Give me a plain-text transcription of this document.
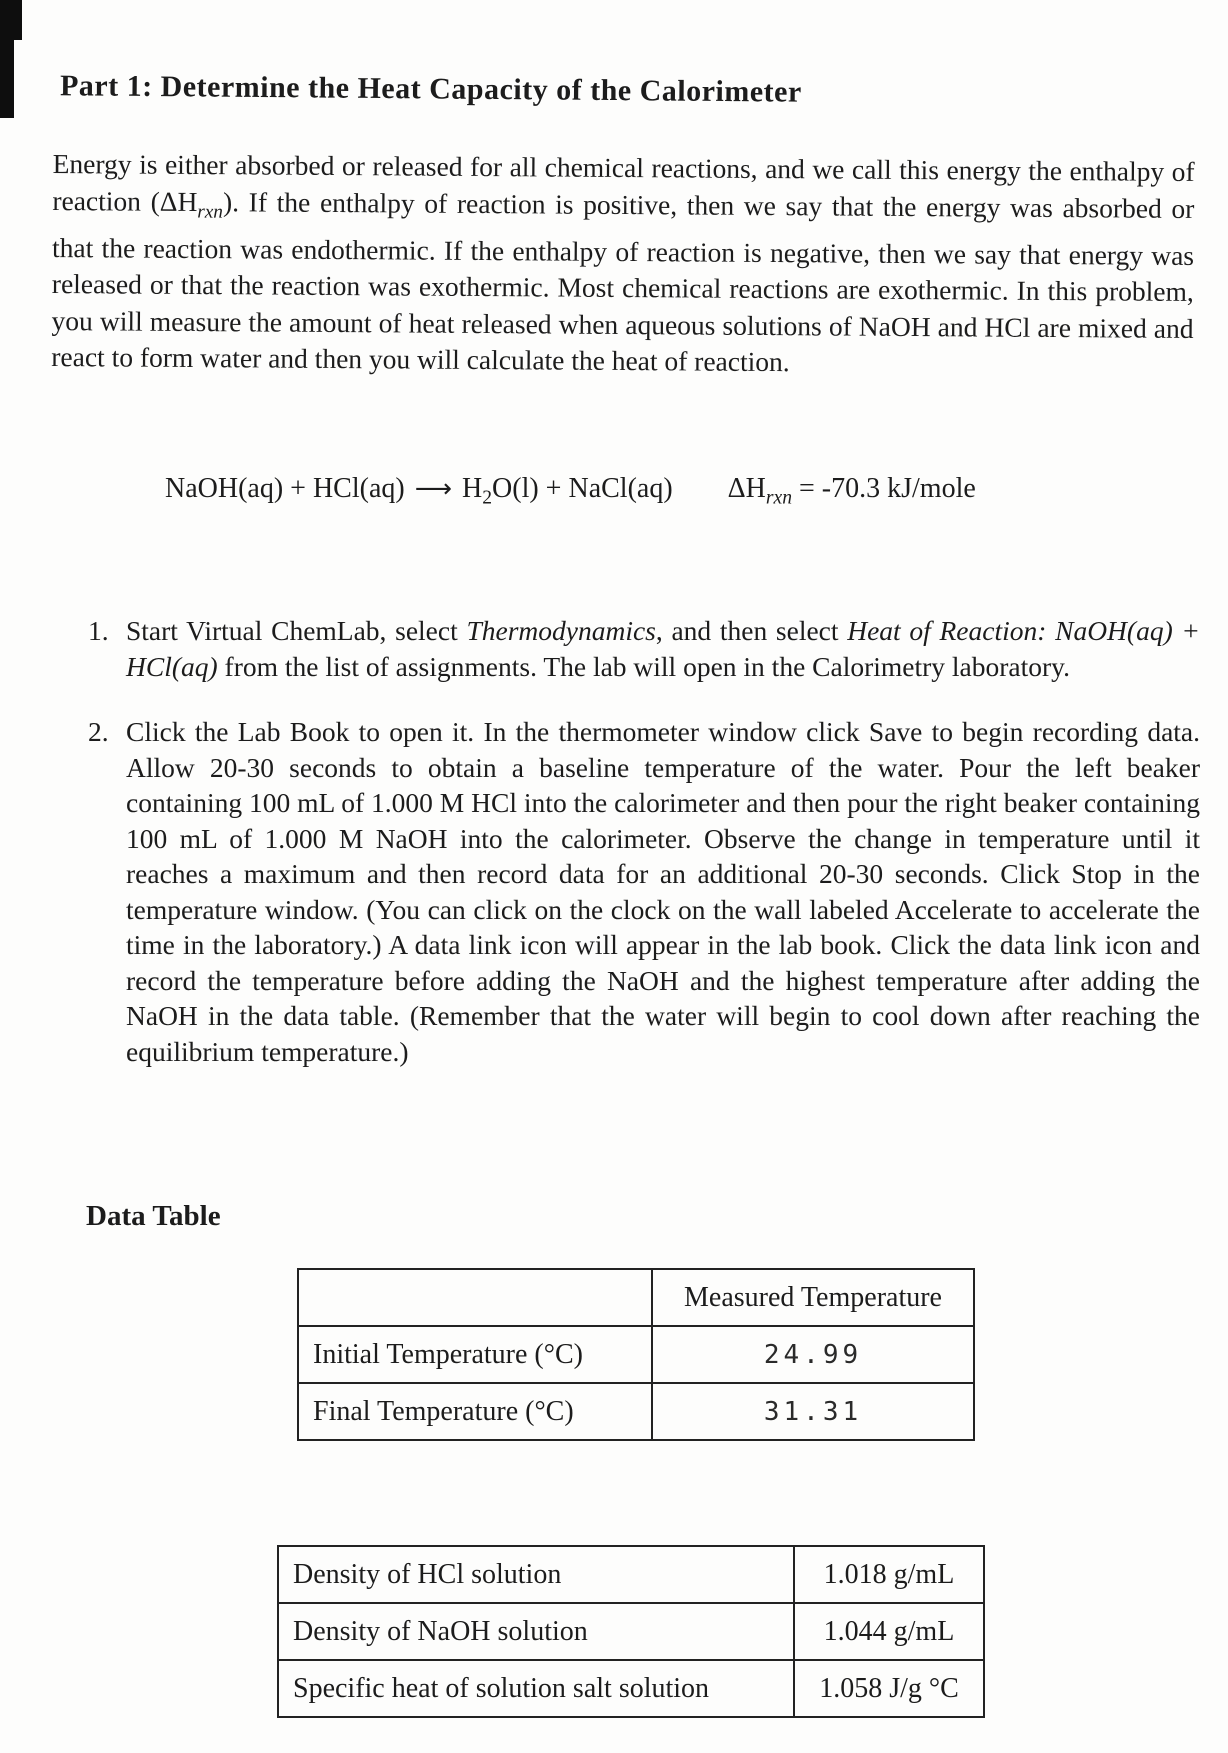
Part 1: Determine the Heat Capacity of the Calorimeter

Energy is either absorbed or released for all chemical reactions, and we call this energy the enthalpy of reaction $(\Delta H_{rxn})$. If the enthalpy of reaction is positive, then we say that the energy was absorbed or that the reaction was endothermic. If the enthalpy of reaction is negative, then we say that energy was released or that the reaction was exothermic. Most chemical reactions are exothermic. In this problem, you will measure the amount of heat released when aqueous solutions of NaOH and HCl are mixed and react to form water and then you will calculate the heat of reaction.

NaOH(aq) + HCl(aq) ⟶ $H_2O(l)$ + NaCl(aq) $\Delta H_{rxn} = -70.3$ kJ/mole
1. Start Virtual ChemLab, select Thermodynamics, and then select Heat of Reaction: NaOH(aq) + HCl(aq) from the list of assignments. The lab will open in the Calorimetry laboratory.
2. Click the Lab Book to open it. In the thermometer window click Save to begin recording data. Allow 20-30 seconds to obtain a baseline temperature of the water. Pour the left beaker containing 100 mL of 1.000 M HCl into the calorimeter and then pour the right beaker containing 100 mL of 1.000 M NaOH into the calorimeter. Observe the change in temperature until it reaches a maximum and then record data for an additional 20-30 seconds. Click Stop in the temperature window. (You can click on the clock on the wall labeled Accelerate to accelerate the time in the laboratory.) A data link icon will appear in the lab book. Click the data link icon and record the temperature before adding the NaOH and the highest temperature after adding the NaOH in the data table. (Remember that the water will begin to cool down after reaching the equilibrium temperature.)
Data Table
	Measured Temperature
Initial Temperature (°C)	24.99
Final Temperature (°C)	31.31
Density of HCl solution	1.018 g/mL
Density of NaOH solution	1.044 g/mL
Specific heat of solution salt solution	1.058 J/g °C
